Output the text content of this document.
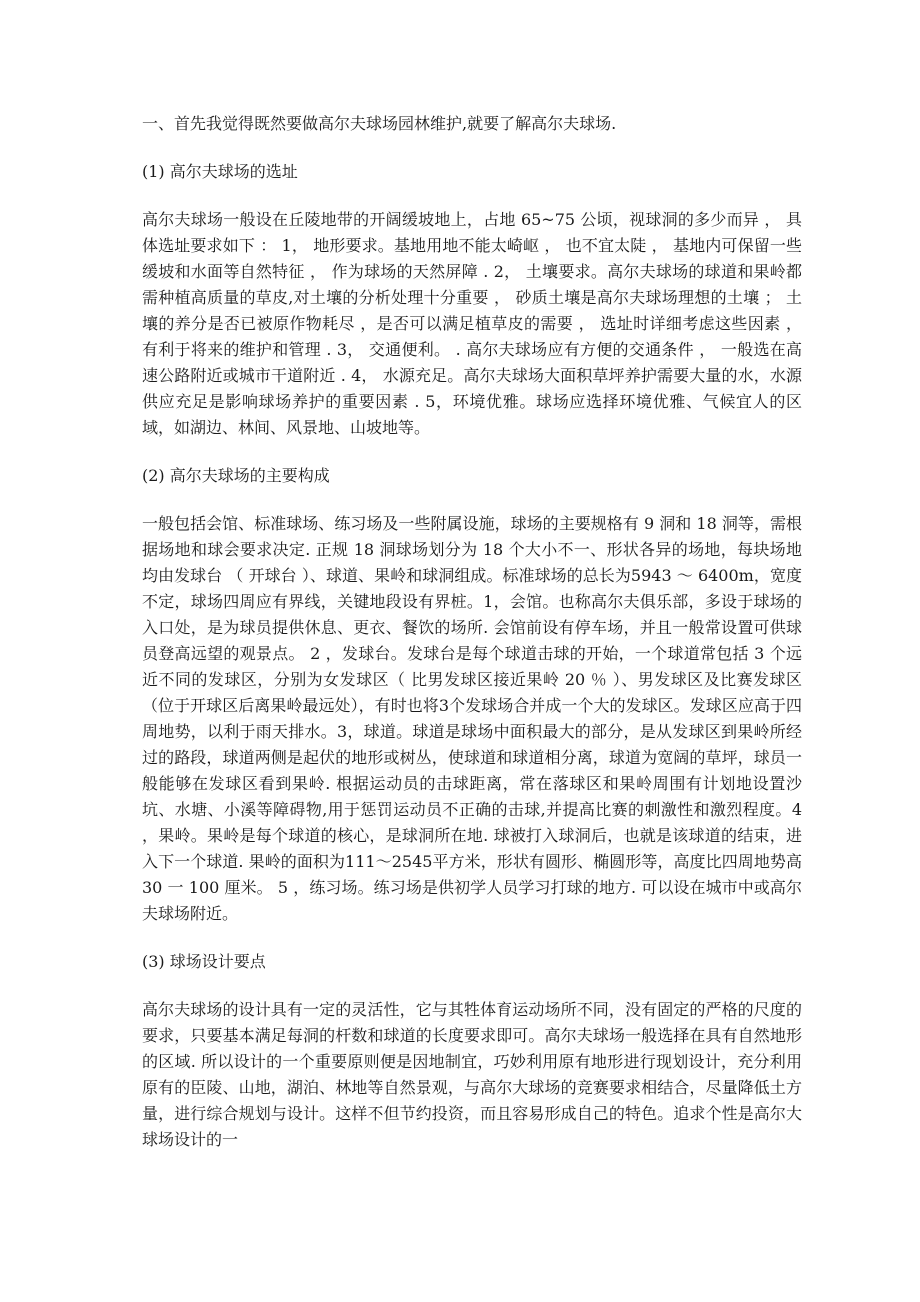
一、首先我觉得既然要做高尔夫球场园林维护,就要了解高尔夫球场.

(1) 高尔夫球场的选址

高尔夫球场一般设在丘陵地带的开阔缓坡地上，占地 65~75 公顷，视球洞的多少而异 ， 具体选址要求如下 ： 1， 地形要求。基地用地不能太崎岖 ， 也不宜太陡 ， 基地内可保留一些缓坡和水面等自然特征 ， 作为球场的天然屏障 . 2， 土壤要求。高尔夫球场的球道和果岭都需种植高质量的草皮,对土壤的分析处理十分重要 ， 砂质土壤是高尔夫球场理想的土壤 ； 土壤的养分是否已被原作物耗尽 ，是否可以满足植草皮的需要 ， 选址时详细考虑这些因素 ， 有利于将来的维护和管理 . 3， 交通便利。 . 高尔夫球场应有方便的交通条件 ， 一般选在高速公路附近或城市干道附近 . 4， 水源充足。高尔夫球场大面积草坪养护需要大量的水，水源供应充足是影响球场养护的重要因素 . 5，环境优雅。球场应选择环境优雅、气候宜人的区域，如湖边、林间、风景地、山坡地等。

(2) 高尔夫球场的主要构成

一般包括会馆、标准球场、练习场及一些附属设施，球场的主要规格有 9 洞和 18 洞等，需根据场地和球会要求决定. 正规 18 洞球场划分为 18 个大小不一、形状各异的场地，每块场地均由发球台 （ 开球台 ）、球道、果岭和球洞组成。标准球场的总长为5943 ～ 6400m，宽度不定，球场四周应有界线，关键地段设有界桩。1，会馆。也称高尔夫俱乐部，多设于球场的入口处，是为球员提供休息、更衣、餐饮的场所. 会馆前设有停车场，并且一般常设置可供球员登高远望的观景点。 2 ，发球台。发球台是每个球道击球的开始，一个球道常包括 3 个远近不同的发球区，分别为女发球区（ 比男发球区接近果岭 20 ％ ）、男发球区及比赛发球区（位于开球区后离果岭最远处），有时也将3个发球场合并成一个大的发球区。发球区应高于四周地势，以利于雨天排水。3，球道。球道是球场中面积最大的部分，是从发球区到果岭所经过的路段，球道两侧是起伏的地形或树丛，使球道和球道相分离，球道为宽阔的草坪，球员一般能够在发球区看到果岭. 根据运动员的击球距离，常在落球区和果岭周围有计划地设置沙坑、水塘、小溪等障碍物,用于惩罚运动员不正确的击球,并提高比赛的刺激性和激烈程度。4 ，果岭。果岭是每个球道的核心，是球洞所在地. 球被打入球洞后，也就是该球道的结束，进入下一个球道. 果岭的面积为111～2545平方米，形状有圆形、椭圆形等，高度比四周地势高 30 一 100 厘米。 5 ，练习场。练习场是供初学人员学习打球的地方. 可以设在城市中或高尔夫球场附近。

(3) 球场设计要点

高尔夫球场的设计具有一定的灵活性，它与其牲体育运动场所不同，没有固定的严格的尺度的要求，只要基本满足每洞的杆数和球道的长度要求即可。高尔夫球场一般选择在具有自然地形的区域. 所以设计的一个重要原则便是因地制宜，巧妙利用原有地形进行现划设计，充分利用原有的臣陵、山地，湖泊、林地等自然景观，与高尔大球场的竞赛要求相结合，尽量降低土方量，进行综合规划与设计。这样不但节约投资，而且容易形成自己的特色。追求个性是高尔大球场设计的一
